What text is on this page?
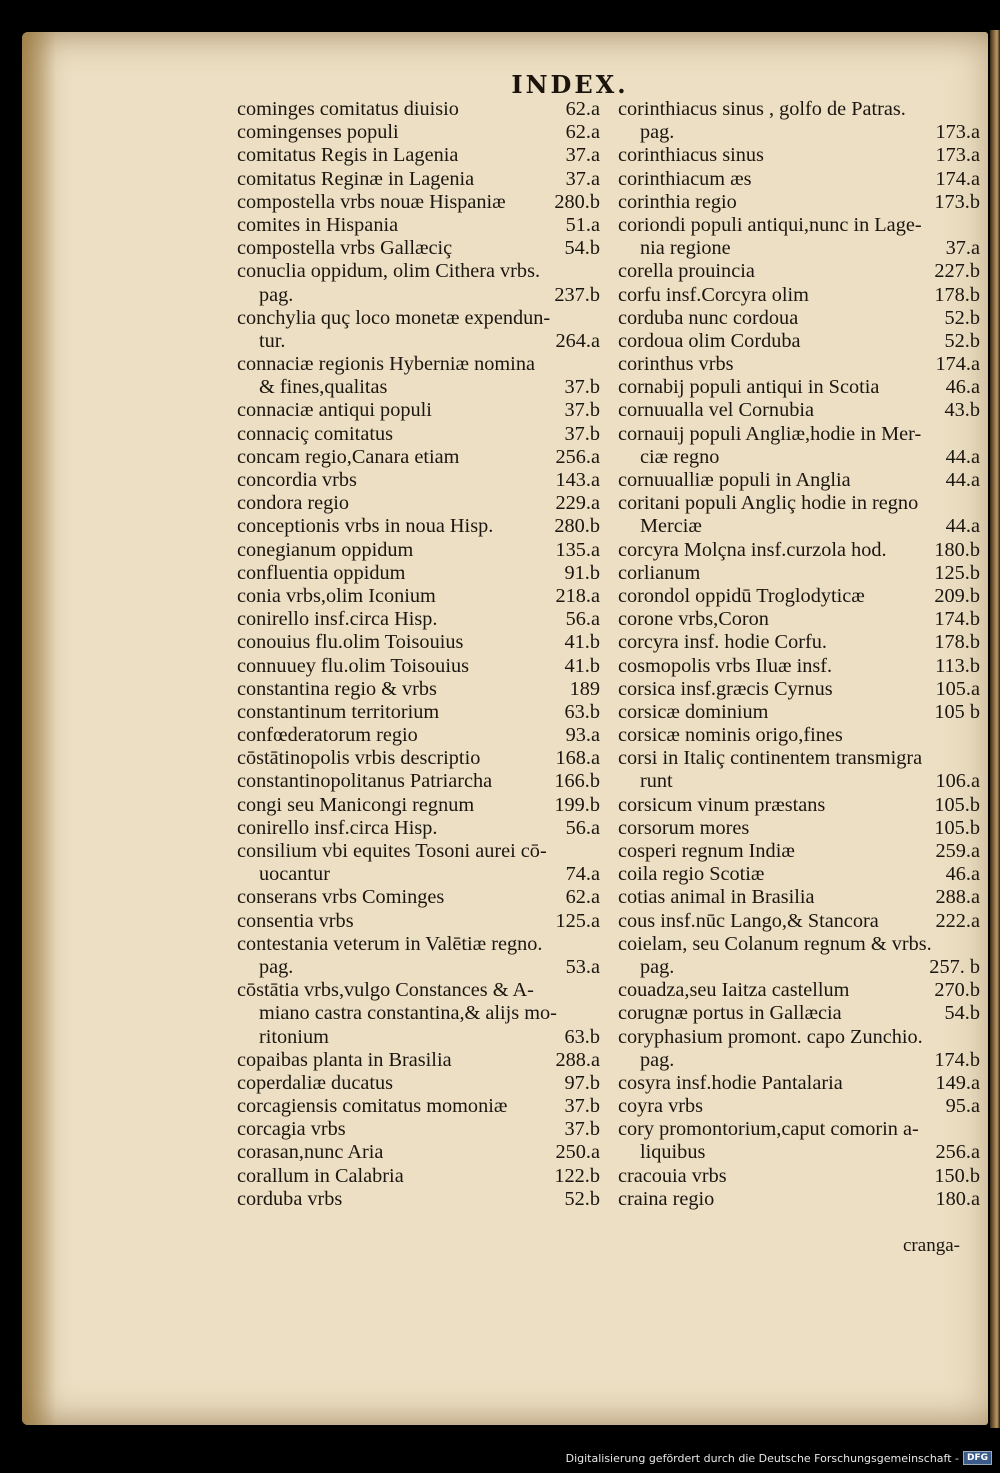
INDEX.
cominges comitatus diuisio	62.a
comingenses populi	62.a
comitatus Regis in Lagenia	37.a
comitatus Reginæ in Lagenia	37.a
compostella vrbs nouæ Hispaniæ 280.b
comites in Hispania	51.a
compostella vrbs Gallæciç	54.b
conuclia oppidum, olim Cithera vrbs.
pag.	237.b
conchylia quç loco monetæ expendun-
tur.	264.a
connaciæ regionis Hyberniæ nomina
& fines,qualitas	37.b
connaciæ antiqui populi	37.b
connaciç comitatus	37.b
concam regio,Canara etiam	256.a
concordia vrbs	143.a
condora regio	229.a
conceptionis vrbs in noua Hisp.	280.b
conegianum oppidum	135.a
confluentia oppidum	91.b
conia vrbs,olim Iconium	218.a
conirello insf.circa Hisp.	56.a
conouius flu.olim Toisouius	41.b
connuuey flu.olim Toisouius	41.b
constantina regio & vrbs	189
constantinum territorium	63.b
confœderatorum regio	93.a
cōstātinopolis vrbis descriptio	168.a
constantinopolitanus Patriarcha	166.b
congi seu Manicongi regnum	199.b
conirello insf.circa Hisp.	56.a
consilium vbi equites Tosoni aurei cō-
uocantur	74.a
conserans vrbs Cominges	62.a
consentia vrbs	125.a
contestania veterum in Valētiæ regno.
pag.	53.a
cōstātia vrbs,vulgo Constances & A-
miano castra constantina,& alijs mo-
ritonium	63.b
copaibas planta in Brasilia	288.a
coperdaliæ ducatus	97.b
corcagiensis comitatus momoniæ	37.b
corcagia vrbs	37.b
corasan,nunc Aria	250.a
corallum in Calabria	122.b
corduba vrbs	52.b
corinthiacus sinus , golfo de Patras.
pag.	173.a
corinthiacus sinus	173.a
corinthiacum æs	174.a
corinthia regio	173.b
coriondi populi antiqui,nunc in Lage-
nia regione	37.a
corella prouincia	227.b
corfu insf.Corcyra olim	178.b
corduba nunc cordoua	52.b
cordoua olim Corduba	52.b
corinthus vrbs	174.a
cornabij populi antiqui in Scotia	46.a
cornuualla vel Cornubia	43.b
cornauij populi Angliæ,hodie in Mer-
ciæ regno	44.a
cornuualliæ populi in Anglia	44.a
coritani populi Angliç hodie in regno
Merciæ	44.a
corcyra Molçna insf.curzola hod. 180.b
corlianum	125.b
corondol oppidū Troglodyticæ	209.b
corone vrbs,Coron	174.b
corcyra insf. hodie Corfu.	178.b
cosmopolis vrbs Iluæ insf.	113.b
corsica insf.græcis Cyrnus	105.a
corsicæ dominium	105 b
corsicæ nominis origo,fines
corsi in Italiç continentem transmigra
runt	106.a
corsicum vinum præstans	105.b
corsorum mores	105.b
cosperi regnum Indiæ	259.a
coila regio Scotiæ	46.a
cotias animal in Brasilia	288.a
cous insf.nūc Lango,& Stancora	222.a
coielam, seu Colanum regnum & vrbs.
pag.	257. b
couadza,seu Iaitza castellum	270.b
corugnæ portus in Gallæcia	54.b
coryphasium promont. capo Zunchio.
pag.	174.b
cosyra insf.hodie Pantalaria	149.a
coyra vrbs	95.a
cory promontorium,caput comorin a-
liquibus	256.a
cracouia vrbs	150.b
craina regio	180.a
cranga-
Digitalisierung gefördert durch die Deutsche Forschungsgemeinschaft - DFG
